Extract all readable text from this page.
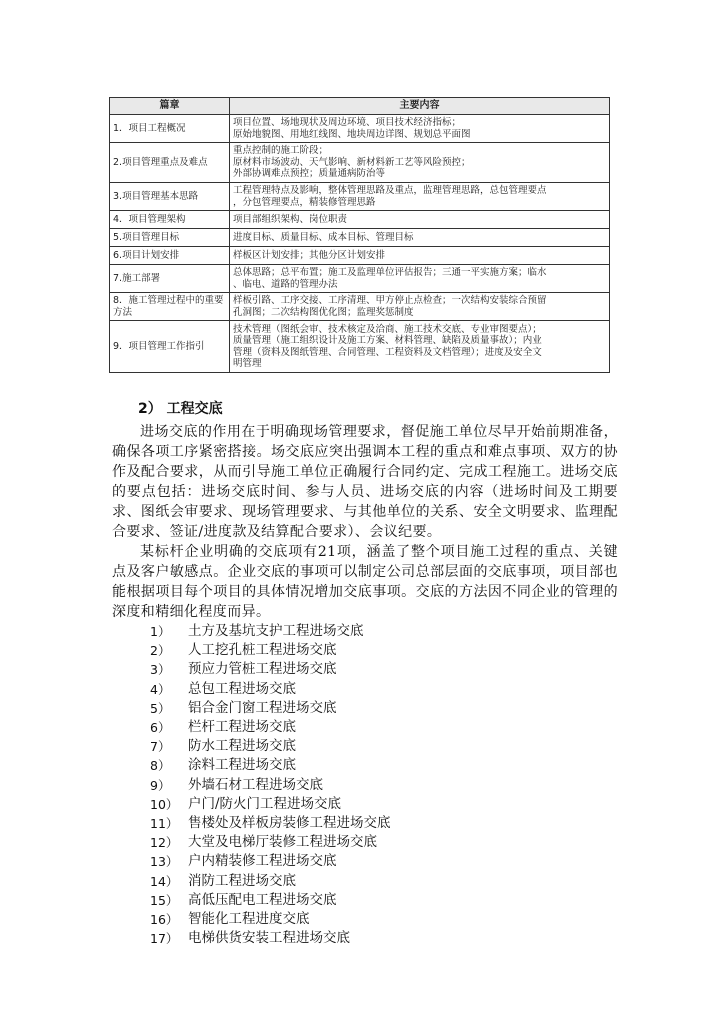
篇章	主要内容
1．项目工程概况	项目位置、场地现状及周边环境、项目技术经济指标；
原始地貌图、用地红线图、地块周边详图、规划总平面图
2.项目管理重点及难点	重点控制的施工阶段；
原材料市场波动、天气影响、新材料新工艺等风险预控；
外部协调难点预控；质量通病防治等
3.项目管理基本思路	工程管理特点及影响，整体管理思路及重点，监理管理思路，总包管理要点
，分包管理要点，精装修管理思路
4．项目管理架构	项目部组织架构、岗位职责
5.项目管理目标	进度目标、质量目标、成本目标、管理目标
6.项目计划安排	样板区计划安排；其他分区计划安排
7.施工部署	总体思路；总平布置；施工及监理单位评估报告；三通一平实施方案；临水
、临电、道路的管理办法
8．施工管理过程中的重要方法	样板引路、工序交接、工序清理、甲方停止点检查；一次结构安装综合预留
孔洞图；二次结构图优化图；监理奖惩制度
9．项目管理工作指引	技术管理（图纸会审、技术核定及洽商、施工技术交底、专业审图要点）；
质量管理（施工组织设计及施工方案、材料管理、缺陷及质量事故）；内业
管理（资料及图纸管理、合同管理、工程资料及文档管理）；进度及安全文
明管理
2） 工程交底

进场交底的作用在于明确现场管理要求，督促施工单位尽早开始前期准备，确保各项工序紧密搭接。场交底应突出强调本工程的重点和难点事项、双方的协作及配合要求，从而引导施工单位正确履行合同约定、完成工程施工。进场交底的要点包括：进场交底时间、参与人员、进场交底的内容（进场时间及工期要求、图纸会审要求、现场管理要求、与其他单位的关系、安全文明要求、监理配合要求、签证/进度款及结算配合要求）、会议纪要。

某标杆企业明确的交底项有21项，涵盖了整个项目施工过程的重点、关键点及客户敏感点。企业交底的事项可以制定公司总部层面的交底事项，项目部也能根据项目每个项目的具体情况增加交底事项。交底的方法因不同企业的管理的深度和精细化程度而异。

1）	土方及基坑支护工程进场交底
2）	人工挖孔桩工程进场交底
3）	预应力管桩工程进场交底
4）	总包工程进场交底
5）	铝合金门窗工程进场交底
6）	栏杆工程进场交底
7）	防水工程进场交底
8）	涂料工程进场交底
9）	外墙石材工程进场交底
10） 户门/防火门工程进场交底
11） 售楼处及样板房装修工程进场交底
12） 大堂及电梯厅装修工程进场交底
13） 户内精装修工程进场交底
14） 消防工程进场交底
15） 高低压配电工程进场交底
16） 智能化工程进度交底
17） 电梯供货安装工程进场交底
